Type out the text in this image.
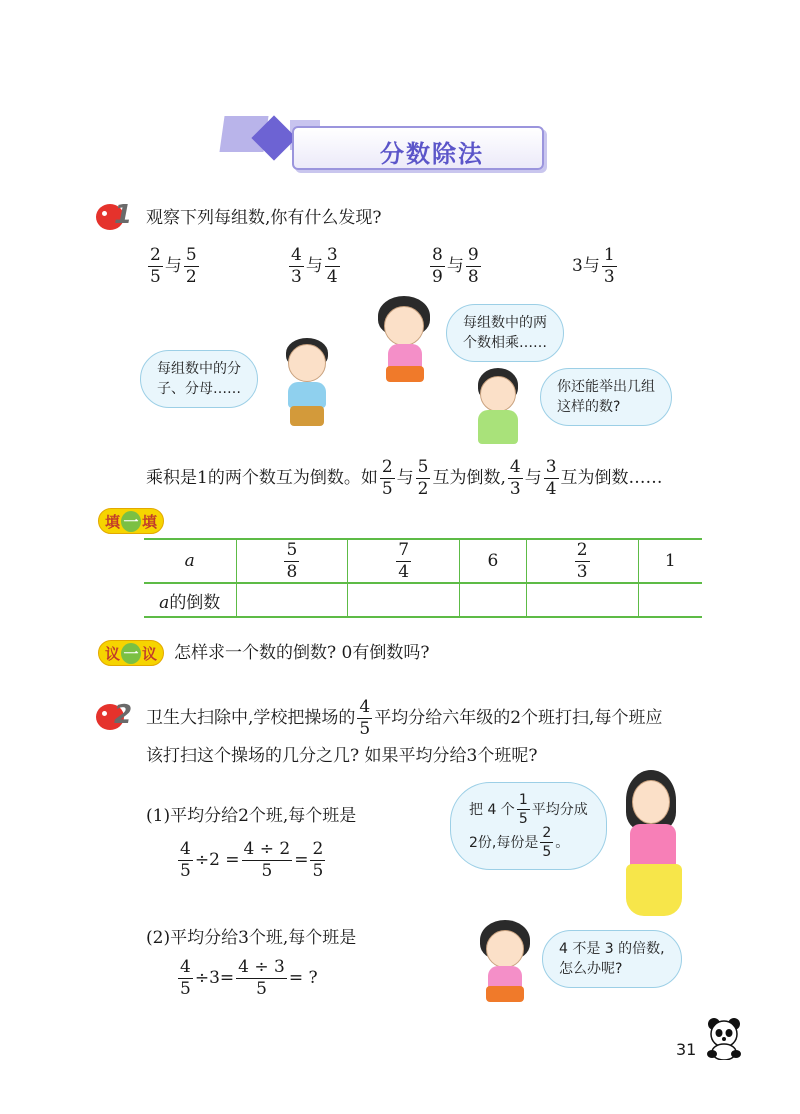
分数除法
1 观察下列每组数,你有什么发现?
$\frac{2}{5}$ 与 $\frac{5}{2}$	$\frac{4}{3}$ 与 $\frac{3}{4}$	$\frac{8}{9}$ 与 $\frac{9}{8}$	3 与 $\frac{1}{3}$
每组数中的两
个数相乘……
每组数中的分
子、分母……	你还能举出几组
这样的数?
乘积是 1 的两个数互为倒数。如 $\frac{2}{5}$ 与 $\frac{5}{2}$ 互为倒数, $\frac{4}{3}$ 与 $\frac{3}{4}$ 互为倒数……
填 一 填
a	$\frac{5}{8}$	$\frac{7}{4}$	6	$\frac{2}{3}$	1
a的倒数					
议 一 议 怎样求一个数的倒数? 0有倒数吗?
2 卫生大扫除中,学校把操场的 $\frac{4}{5}$ 平均分给六年级的2个班打扫,每个班应
该打扫这个操场的几分之几? 如果平均分给3个班呢?
(1)平均分给2个班,每个班是
$\frac{4}{5} \div 2 = \frac{4 \div 2}{5} = \frac{2}{5}$
(2)平均分给3个班,每个班是
$\frac{4}{5} \div 3= \frac{4 \div 3}{5}$ = ?
把 4 个 $\frac{1}{5}$ 平均分成
2份,每份是 $\frac{2}{5}$ 。
4 不是 3 的倍数,
怎么办呢?
31
